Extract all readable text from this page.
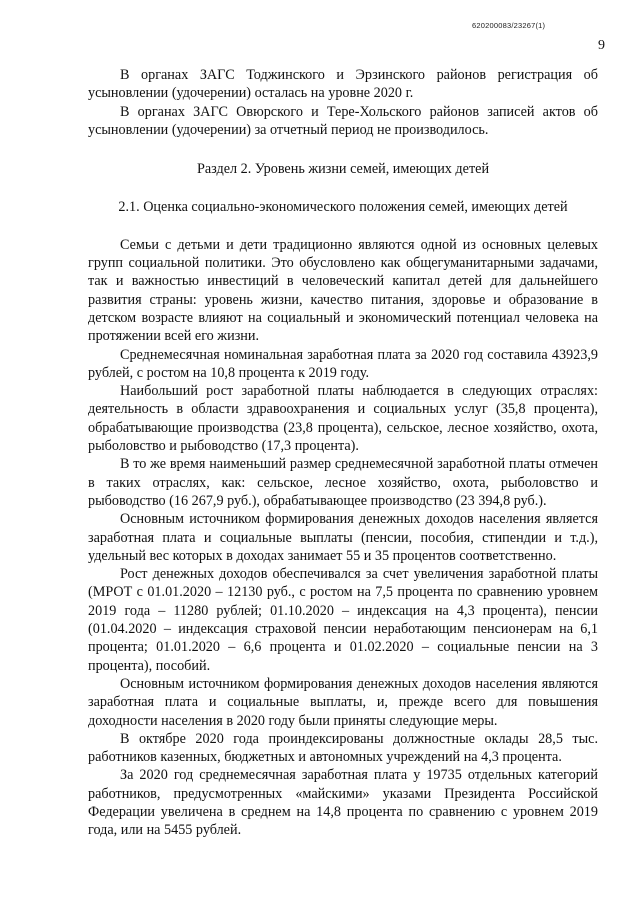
620200083/23267(1)
9

В органах ЗАГС Тоджинского и Эрзинского районов регистрация об усыновлении (удочерении) осталась на уровне 2020 г.

В органах ЗАГС Овюрского и Тере-Хольского районов записей актов об усыновлении (удочерении) за отчетный период не производилось.

Раздел 2. Уровень жизни семей, имеющих детей

2.1. Оценка социально-экономического положения семей, имеющих детей

Семьи с детьми и дети традиционно являются одной из основных целевых групп социальной политики. Это обусловлено как общегуманитарными задачами, так и важностью инвестиций в человеческий капитал детей для дальнейшего развития страны: уровень жизни, качество питания, здоровье и образование в детском возрасте влияют на социальный и экономический потенциал человека на протяжении всей его жизни.

Среднемесячная номинальная заработная плата за 2020 год составила 43923,9 рублей, с ростом на 10,8 процента к 2019 году.

Наибольший рост заработной платы наблюдается в следующих отраслях: деятельность в области здравоохранения и социальных услуг (35,8 процента), обрабатывающие производства (23,8 процента), сельское, лесное хозяйство, охота, рыболовство и рыбоводство (17,3 процента).

В то же время наименьший размер среднемесячной заработной платы отмечен в таких отраслях, как: сельское, лесное хозяйство, охота, рыболовство и рыбоводство (16 267,9 руб.), обрабатывающее производство (23 394,8 руб.).

Основным источником формирования денежных доходов населения является заработная плата и социальные выплаты (пенсии, пособия, стипендии и т.д.), удельный вес которых в доходах занимает 55 и 35 процентов соответственно.

Рост денежных доходов обеспечивался за счет увеличения заработной платы (МРОТ с 01.01.2020 – 12130 руб., с ростом на 7,5 процента по сравнению уровнем 2019 года – 11280 рублей; 01.10.2020 – индексация на 4,3 процента), пенсии (01.04.2020 – индексация страховой пенсии неработающим пенсионерам на 6,1 процента; 01.01.2020 – 6,6 процента и 01.02.2020 – социальные пенсии на 3 процента), пособий.

Основным источником формирования денежных доходов населения являются заработная плата и социальные выплаты, и, прежде всего для повышения доходности населения в 2020 году были приняты следующие меры.

В октябре 2020 года проиндексированы должностные оклады 28,5 тыс. работников казенных, бюджетных и автономных учреждений на 4,3 процента.

За 2020 год среднемесячная заработная плата у 19735 отдельных категорий работников, предусмотренных «майскими» указами Президента Российской Федерации увеличена в среднем на 14,8 процента по сравнению с уровнем 2019 года, или на 5455 рублей.
